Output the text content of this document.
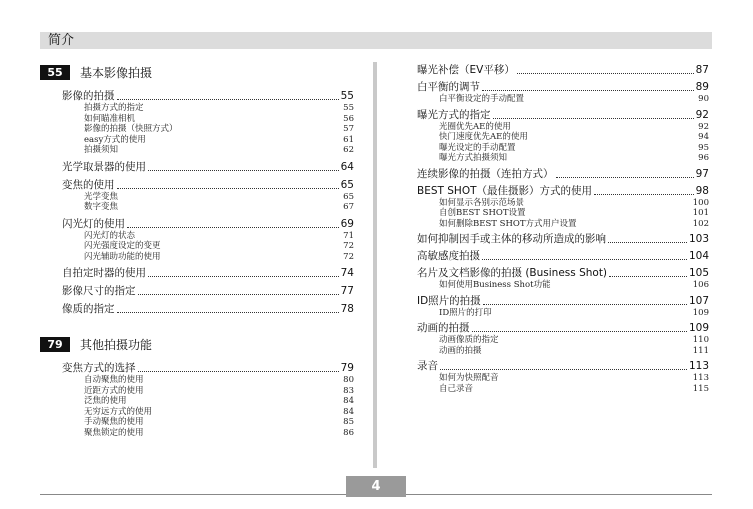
简介
55 基本影像拍摄
影像的拍摄	55
拍摄方式的指定	55
如何瞄准相机	56
影像的拍摄（快照方式）	57
easy方式的使用	61
拍摄须知	62
光学取景器的使用	64
变焦的使用	65
光学变焦	65
数字变焦	67
闪光灯的使用	69
闪光灯的状态	71
闪光强度设定的变更	72
闪光辅助功能的使用	72
自拍定时器的使用	74
影像尺寸的指定	77
像质的指定	78
79 其他拍摄功能
变焦方式的选择	79
自动聚焦的使用	80
近距方式的使用	83
泛焦的使用	84
无穷远方式的使用	84
手动聚焦的使用	85
聚焦锁定的使用	86
曝光补偿（EV平移）	87
白平衡的调节	89
白平衡设定的手动配置	90
曝光方式的指定	92
光圈优先AE的使用	92
快门速度优先AE的使用	94
曝光设定的手动配置	95
曝光方式拍摄须知	96
连续影像的拍摄（连拍方式）	97
BEST SHOT（最佳摄影）方式的使用	98
如何显示各别示范场景	100
自创BEST SHOT设置	101
如何删除BEST SHOT方式用户设置	102
如何抑制因手或主体的移动所造成的影响	103
高敏感度拍摄	104
名片及文档影像的拍摄 (Business Shot)	105
如何使用Business Shot功能	106
ID照片的拍摄	107
ID照片的打印	109
动画的拍摄	109
动画像质的指定	110
动画的拍摄	111
录音	113
如何为快照配音	113
自己录音	115
4
